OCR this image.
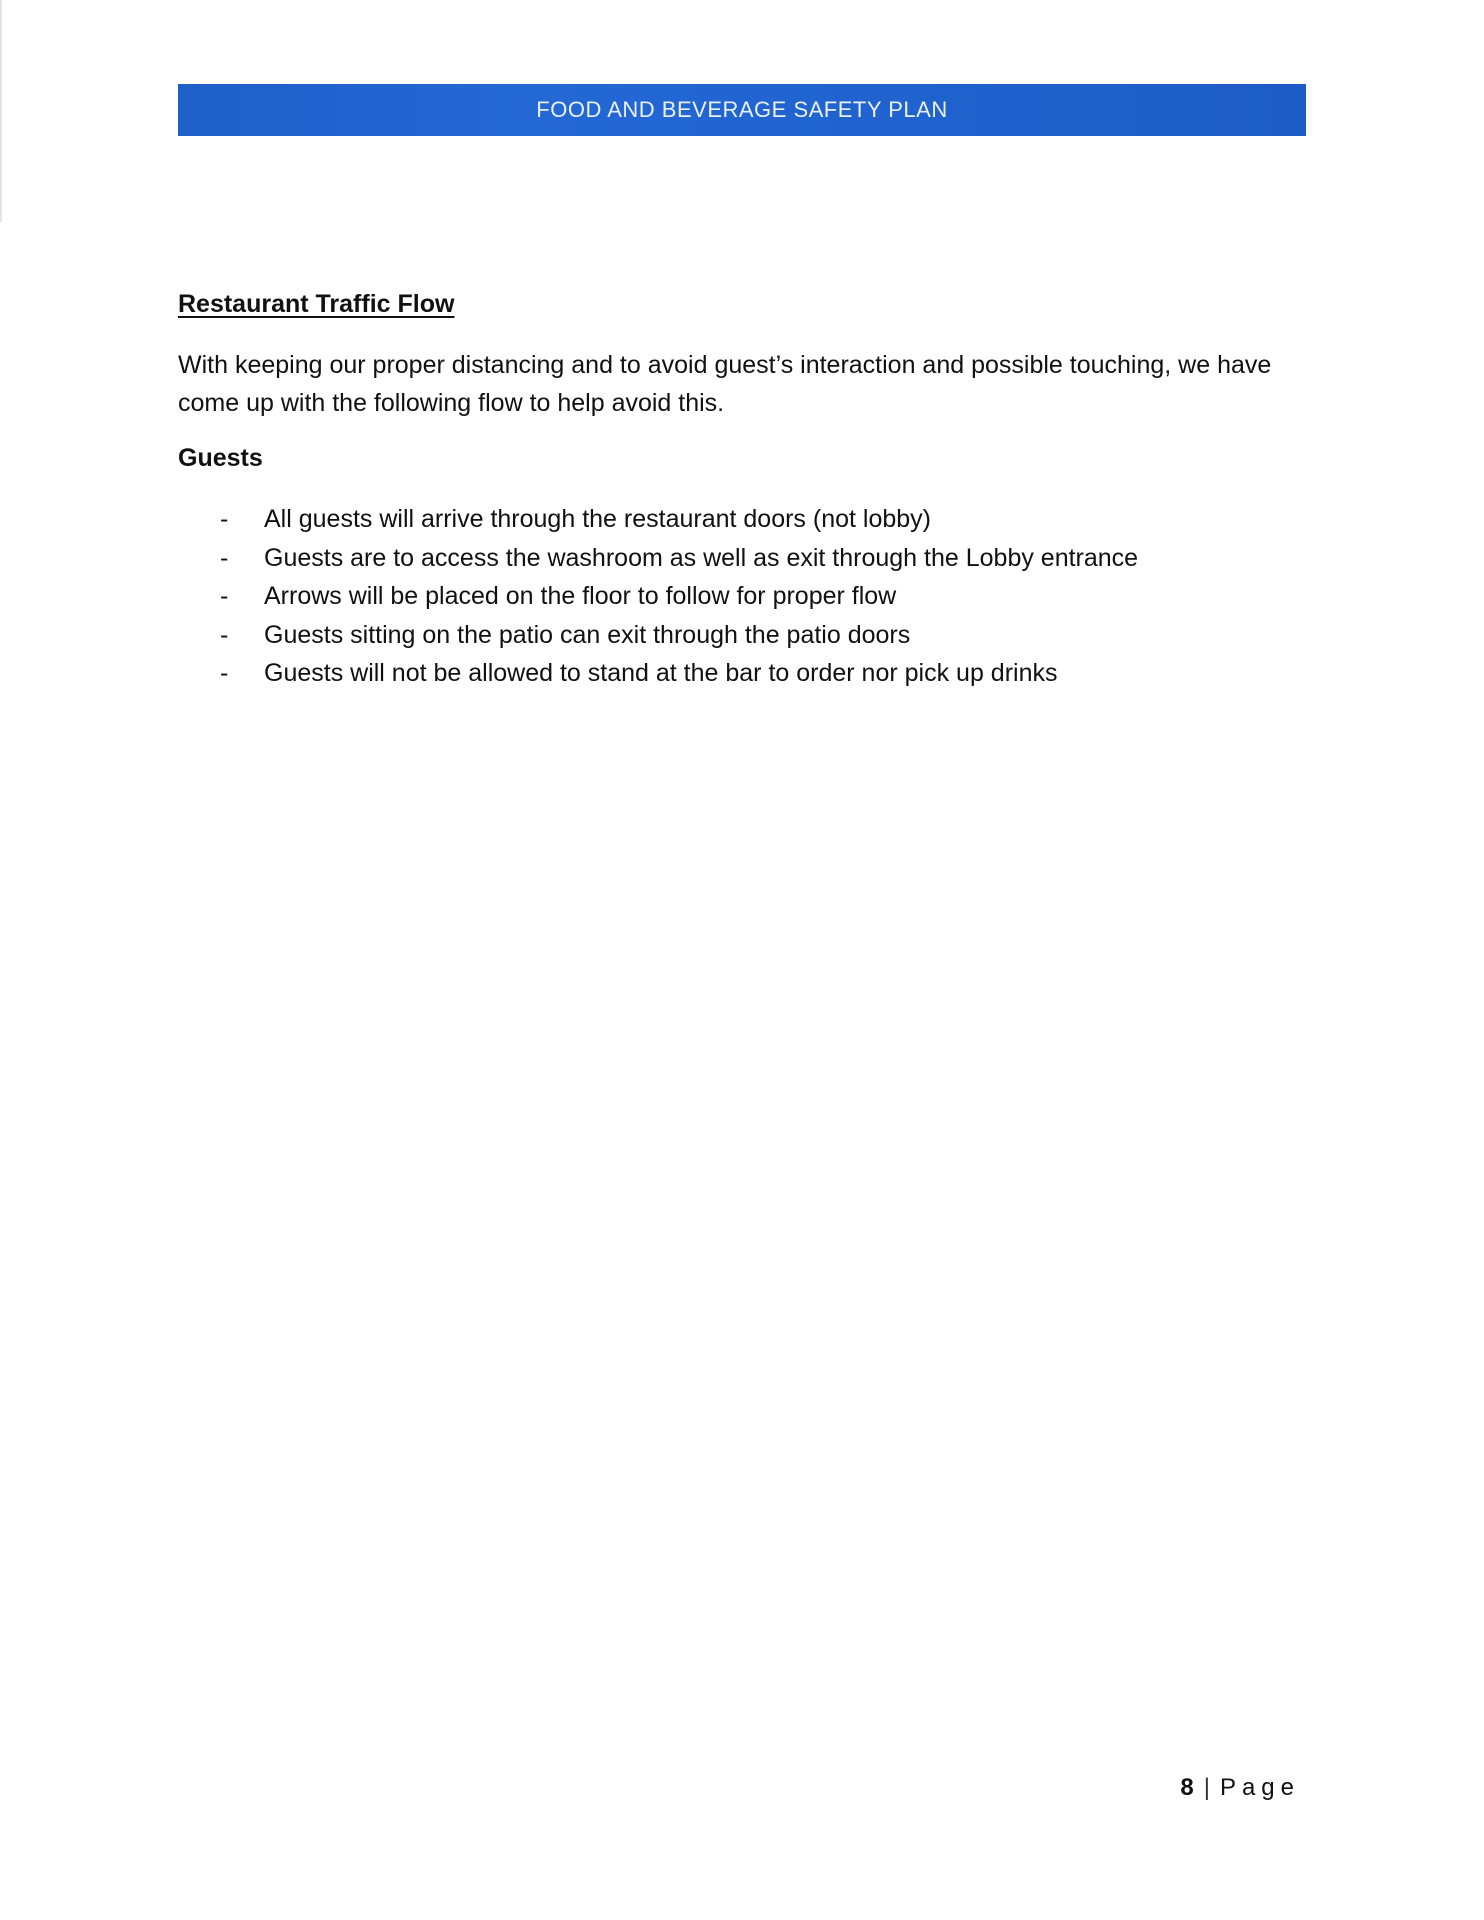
FOOD AND BEVERAGE SAFETY PLAN
Restaurant Traffic Flow

With keeping our proper distancing and to avoid guest’s interaction and possible touching, we have come up with the following flow to help avoid this.

Guests
-	All guests will arrive through the restaurant doors (not lobby)
-	Guests are to access the washroom as well as exit through the Lobby entrance
-	Arrows will be placed on the floor to follow for proper flow
-	Guests sitting on the patio can exit through the patio doors
-	Guests will not be allowed to stand at the bar to order nor pick up drinks
8 | Page
